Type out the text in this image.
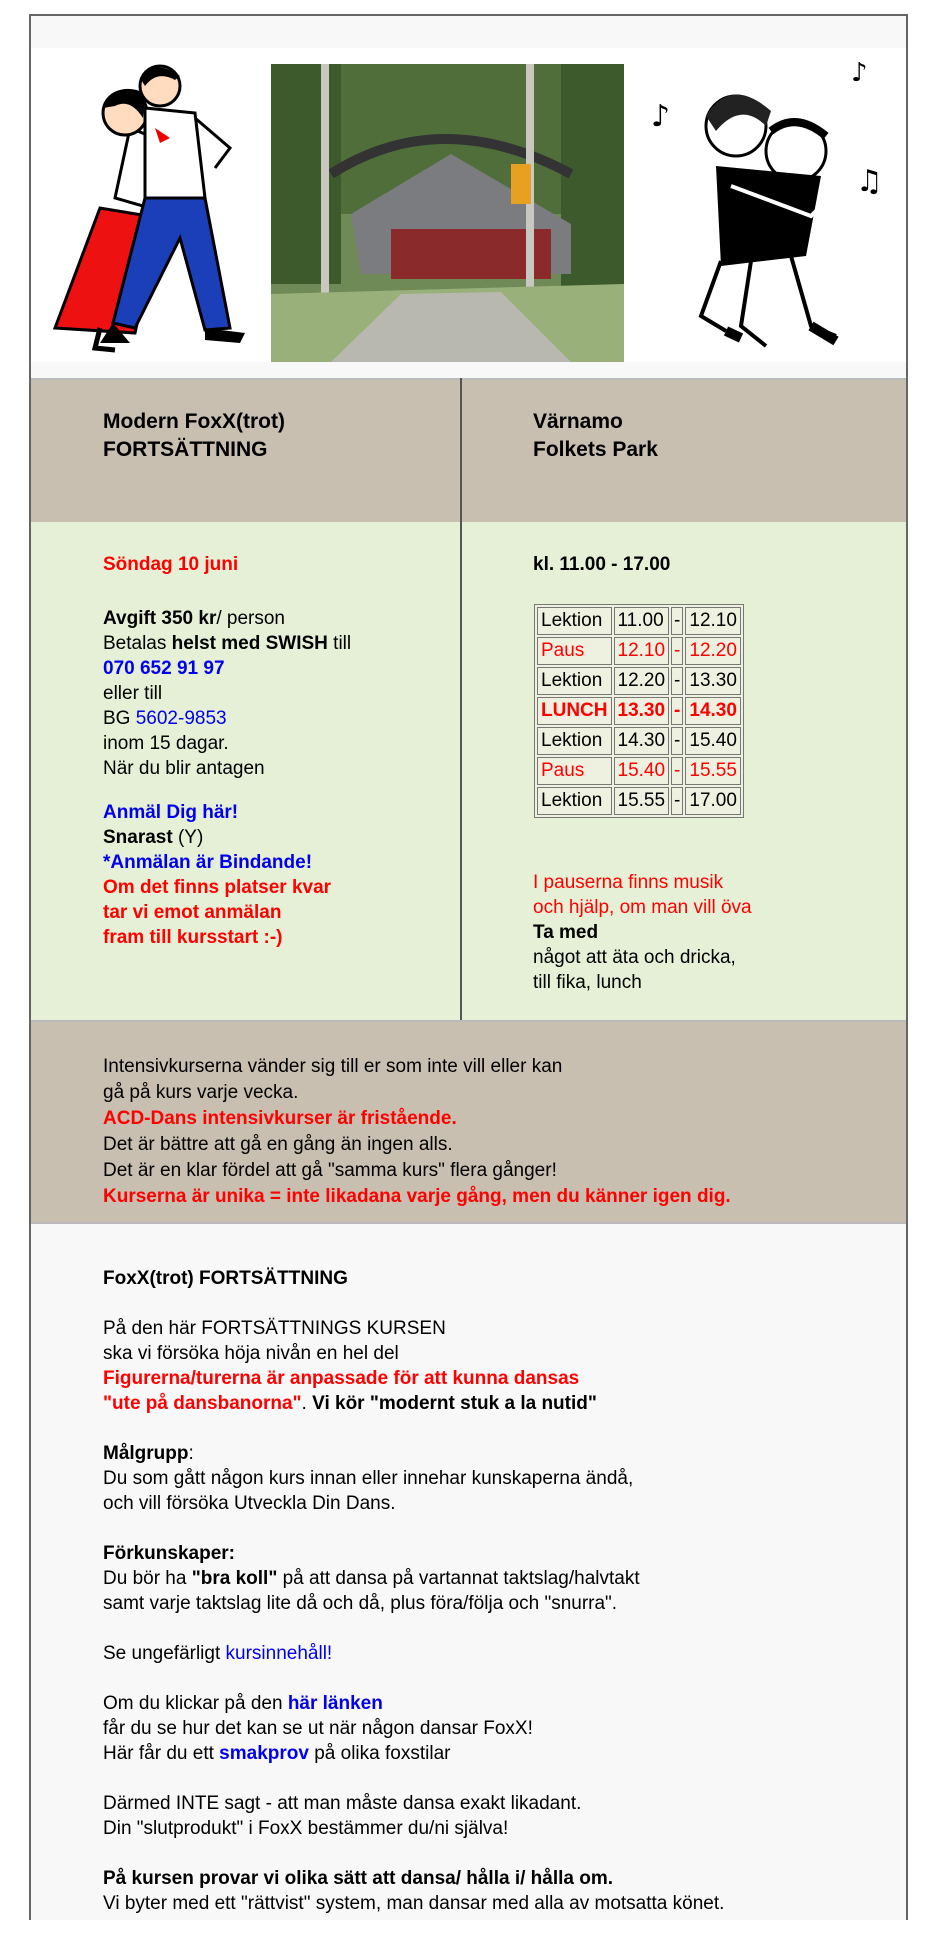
♪
♫
♪
Modern FoxX(trot)
FORTSÄTTNING
Värnamo
Folkets Park
Söndag 10 juni
Avgift 350 kr/ person
Betalas helst med SWISH till
070 652 91 97
eller till
BG 5602-9853
inom 15 dagar.
När du blir antagen
Anmäl Dig här!
Snarast (Y)
*Anmälan är Bindande!
Om det finns platser kvar
tar vi emot anmälan
fram till kursstart :-)
kl. 11.00 - 17.00
I pauserna finns musik
och hjälp, om man vill öva
Ta med
något att äta och dricka,
till fika, lunch
Lektion	11.00	-	12.10
Paus	12.10	-	12.20
Lektion	12.20	-	13.30
LUNCH	13.30	-	14.30
Lektion	14.30	-	15.40
Paus	15.40	-	15.55
Lektion	15.55	-	17.00
Intensivkurserna vänder sig till er som inte vill eller kan
gå på kurs varje vecka.
ACD-Dans intensivkurser är fristående.
Det är bättre att gå en gång än ingen alls.
Det är en klar fördel att gå "samma kurs" flera gånger!
Kurserna är unika = inte likadana varje gång, men du känner igen dig.

FoxX(trot) FORTSÄTTNING

På den här FORTSÄTTNINGS KURSEN
ska vi försöka höja nivån en hel del
Figurerna/turerna är anpassade för att kunna dansas
"ute på dansbanorna". Vi kör "modernt stuk a la nutid"

Målgrupp:
Du som gått någon kurs innan eller innehar kunskaperna ändå,
och vill försöka Utveckla Din Dans.

Förkunskaper:
Du bör ha "bra koll" på att dansa på vartannat taktslag/halvtakt
samt varje taktslag lite då och då, plus föra/följa och "snurra".

Se ungefärligt kursinnehåll!

Om du klickar på den här länken
får du se hur det kan se ut när någon dansar FoxX!
Här får du ett smakprov på olika foxstilar

Därmed INTE sagt - att man måste dansa exakt likadant.
Din "slutprodukt" i FoxX bestämmer du/ni själva!

På kursen provar vi olika sätt att dansa/ hålla i/ hålla om.
Vi byter med ett "rättvist" system, man dansar med alla av motsatta könet.
